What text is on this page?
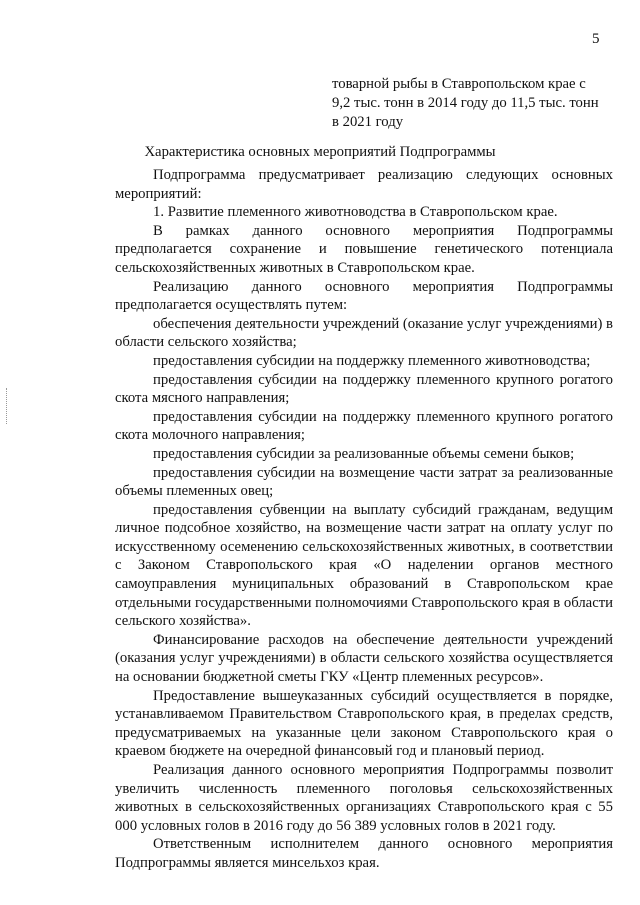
5
товарной рыбы в Ставропольском крае с
9,2 тыс. тонн в 2014 году до 11,5 тыс. тонн
в 2021 году
Характеристика основных мероприятий Подпрограммы

Подпрограмма предусматривает реализацию следующих основных мероприятий:

1. Развитие племенного животноводства в Ставропольском крае.

В рамках данного основного мероприятия Подпрограммы предполагается сохранение и повышение генетического потенциала сельскохозяйственных животных в Ставропольском крае.

Реализацию данного основного мероприятия Подпрограммы предполагается осуществлять путем:

обеспечения деятельности учреждений (оказание услуг учреждениями) в области сельского хозяйства;

предоставления субсидии на поддержку племенного животноводства;

предоставления субсидии на поддержку племенного крупного рогатого скота мясного направления;

предоставления субсидии на поддержку племенного крупного рогатого скота молочного направления;

предоставления субсидии за реализованные объемы семени быков;

предоставления субсидии на возмещение части затрат за реализованные объемы племенных овец;

предоставления субвенции на выплату субсидий гражданам, ведущим личное подсобное хозяйство, на возмещение части затрат на оплату услуг по искусственному осеменению сельскохозяйственных животных, в соответствии с Законом Ставропольского края «О наделении органов местного самоуправления муниципальных образований в Ставропольском крае отдельными государственными полномочиями Ставропольского края в области сельского хозяйства».

Финансирование расходов на обеспечение деятельности учреждений (оказания услуг учреждениями) в области сельского хозяйства осуществляется на основании бюджетной сметы ГКУ «Центр племенных ресурсов».

Предоставление вышеуказанных субсидий осуществляется в порядке, устанавливаемом Правительством Ставропольского края, в пределах средств, предусматриваемых на указанные цели законом Ставропольского края о краевом бюджете на очередной финансовый год и плановый период.

Реализация данного основного мероприятия Подпрограммы позволит увеличить численность племенного поголовья сельскохозяйственных животных в сельскохозяйственных организациях Ставропольского края с 55 000 условных голов в 2016 году до 56 389 условных голов в 2021 году.

Ответственным исполнителем данного основного мероприятия Подпрограммы является минсельхоз края.
